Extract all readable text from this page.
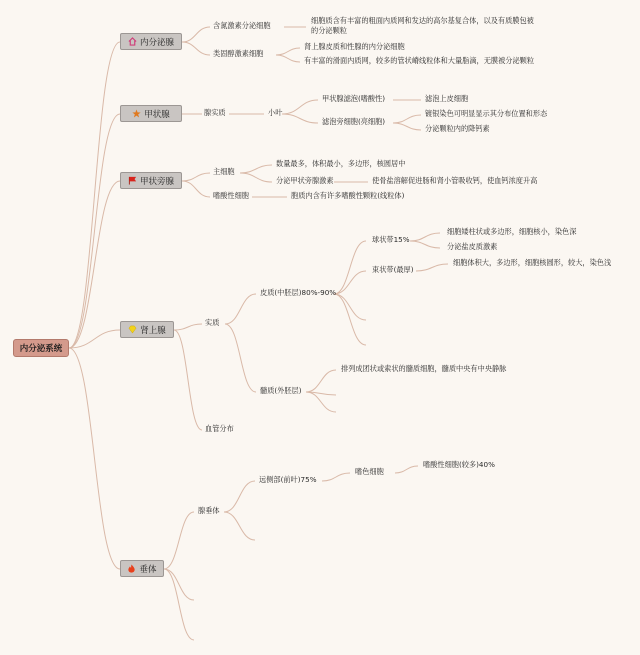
内分泌系统
内分泌腺
含氮激素分泌细胞
细胞质含有丰富的粗面内质网和发达的高尔基复合体，以及有质膜包被的分泌颗粒
类固醇激素细胞
肾上腺皮质和性腺的内分泌细胞
有丰富的滑面内质网，较多的管状嵴线粒体和大量脂滴，无膜被分泌颗粒
甲状腺	腺实质	小叶
甲状腺滤泡(嗜酸性)	滤泡上皮细胞
滤泡旁细胞(亮细胞)
镀银染色可明显显示其分布位置和形态
分泌颗粒内的降钙素
甲状旁腺
主细胞
数量最多，体积最小，多边形，核圆居中
分泌甲状旁腺激素	使骨盐溶解促进肠和肾小管吸收钙，使血钙浓度升高
嗜酸性细胞	胞质内含有许多嗜酸性颗粒(线粒体)
肾上腺
实质
皮质(中胚层)80%-90%
球状带15%
细胞矮柱状或多边形，细胞核小，染色深
分泌盐皮质激素
束状带(最厚)
细胞体积大，多边形，细胞核圆形，较大，染色浅
髓质(外胚层)
排列成团状或索状的髓质细胞，髓质中央有中央静脉
血管分布
垂体
腺垂体
远侧部(前叶)75%
嗜色细胞
嗜酸性细胞(较多)40%
